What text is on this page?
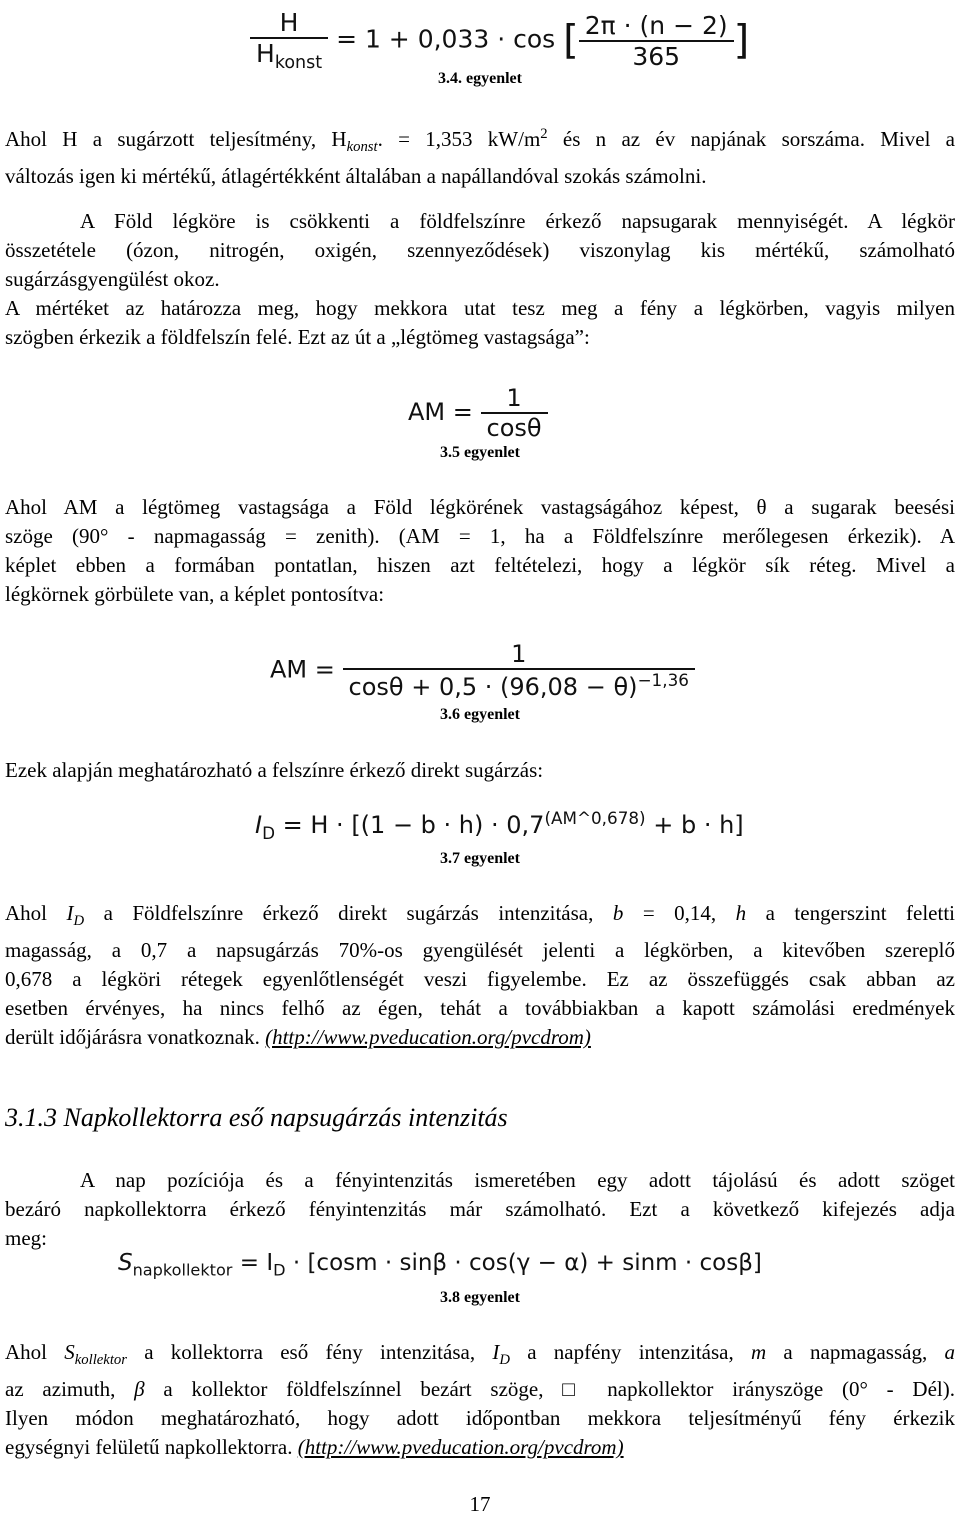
$\frac{H}{H_{konst}} = 1 + 0,033 \cdot \cos$ [ $\frac{2\pi \cdot (n - 2)}{365}$ ]
3.4. egyenlet
Ahol H a sugárzott teljesítmény, $H_{konst}$. = 1,353 $kW/m^2$ és n az év napjának sorszáma. Mivel a
változás igen ki mértékű, átlagértékként általában a napállandóval szokás számolni.
A Föld légköre is csökkenti a földfelszínre érkező napsugarak mennyiségét. A légkör
összetétele (ózon, nitrogén, oxigén, szennyeződések) viszonylag kis mértékű, számolható
sugárzásgyengülést okoz.
A mértéket az határozza meg, hogy mekkora utat tesz meg a fény a légkörben, vagyis milyen
szögben érkezik a földfelszín felé. Ezt az út a „légtömeg vastagsága”:
AM = $\frac{1}{\cos\theta}$
3.5 egyenlet
Ahol AM a légtömeg vastagsága a Föld légkörének vastagságához képest, θ a sugarak beesési
szöge (90° - napmagasság = zenith). (AM = 1, ha a Földfelszínre merőlegesen érkezik). A
képlet ebben a formában pontatlan, hiszen azt feltételezi, hogy a légkör sík réteg. Mivel a
légkörnek görbülete van, a képlet pontosítva:
AM = $\frac{1}{\cos\theta + 0,5 \cdot (96,08 - \theta)^{-1,36}}$
3.6 egyenlet
Ezek alapján meghatározható a felszínre érkező direkt sugárzás:
$I_D = H \cdot [(1 - b \cdot h) \cdot 0,7^{(AM\^{}0,678)} + b \cdot h]$
3.7 egyenlet
Ahol $I_D$ a Földfelszínre érkező direkt sugárzás intenzitása, b = 0,14, h a tengerszint feletti
magasság, a 0,7 a napsugárzás 70%-os gyengülését jelenti a légkörben, a kitevőben szereplő
0,678 a légköri rétegek egyenlőtlenségét veszi figyelembe. Ez az összefüggés csak abban az
esetben érvényes, ha nincs felhő az égen, tehát a továbbiakban a kapott számolási eredmények
derült időjárásra vonatkoznak. (http://www.pveducation.org/pvcdrom)
3.1.3 Napkollektorra eső napsugárzás intenzitás
A nap pozíciója és a fényintenzitás ismeretében egy adott tájolású és adott szöget
bezáró napkollektorra érkező fényintenzitás már számolható. Ezt a következő kifejezés adja
meg:
$S_{napkollektor} = I_D \cdot [\cos m \cdot \sin\beta \cdot \cos(\gamma - \alpha) + \sin m \cdot \cos\beta]$
3.8 egyenlet
Ahol $S_{kollektor}$ a kollektorra eső fény intenzitása, $I_D$ a napfény intenzitása, m a napmagasság, a
az azimuth, β a kollektor földfelszínnel bezárt szöge, □ napkollektor irányszöge (0° - Dél).
Ilyen módon meghatározható, hogy adott időpontban mekkora teljesítményű fény érkezik
egységnyi felületű napkollektorra. (http://www.pveducation.org/pvcdrom)
17
